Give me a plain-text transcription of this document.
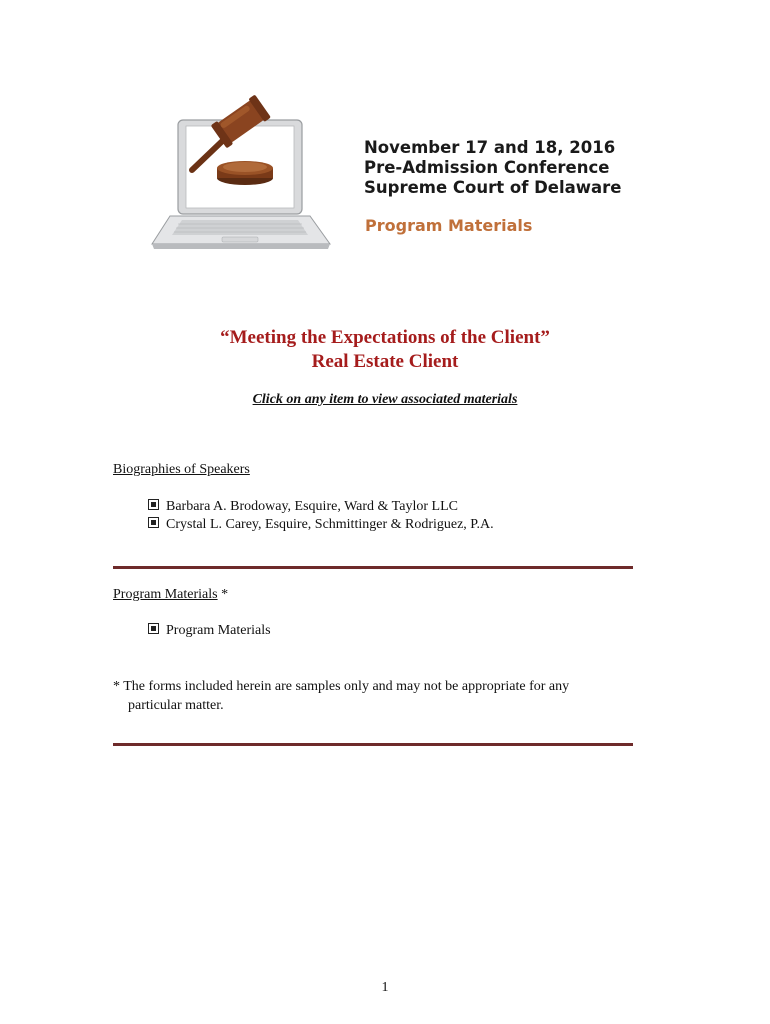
November 17 and 18, 2016
Pre-Admission Conference
Supreme Court of Delaware
Program Materials
“Meeting the Expectations of the Client”
Real Estate Client
Click on any item to view associated materials
Biographies of Speakers
Barbara A. Brodoway, Esquire, Ward & Taylor LLC
Crystal L. Carey, Esquire, Schmittinger & Rodriguez, P.A.
Program Materials *
Program Materials
* The forms included herein are samples only and may not be appropriate for any
particular matter.
1
